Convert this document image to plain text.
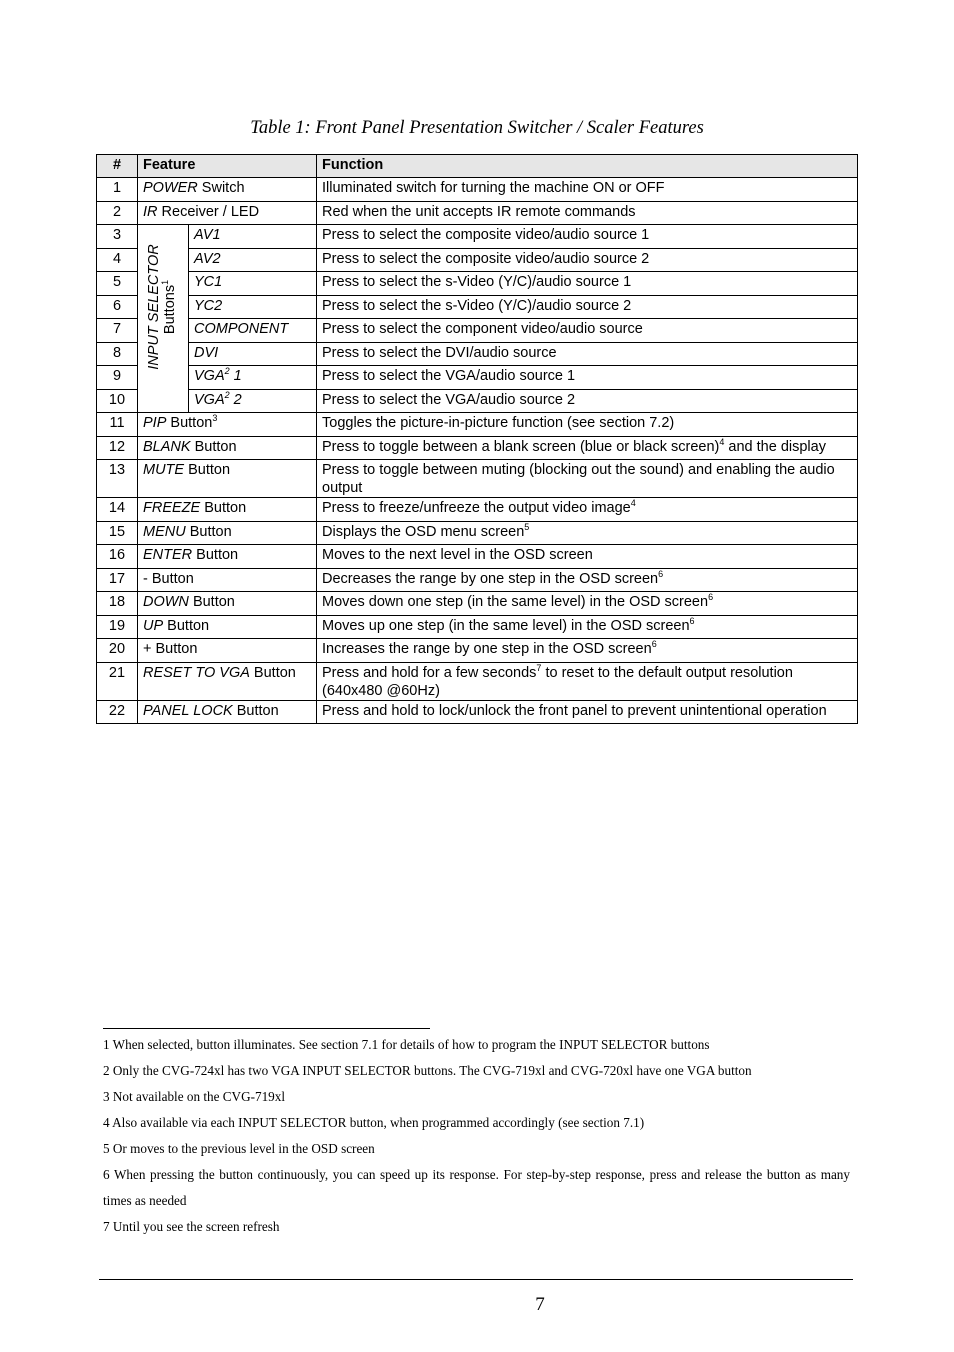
Table 1: Front Panel Presentation Switcher / Scaler Features
#	Feature		Function
1	POWER Switch		Illuminated switch for turning the machine ON or OFF
2	IR Receiver / LED		Red when the unit accepts IR remote commands
3	INPUT SELECTOR Buttons$^1$	AV1	Press to select the composite video/audio source 1
4		AV2	Press to select the composite video/audio source 2
5		YC1	Press to select the s-Video (Y/C)/audio source 1
6		YC2	Press to select the s-Video (Y/C)/audio source 2
7		COMPONENT	Press to select the component video/audio source
8		DVI	Press to select the DVI/audio source
9		VGA$^2$ 1	Press to select the VGA/audio source 1
10		VGA$^2$ 2	Press to select the VGA/audio source 2
11	PIP Button$^3$		Toggles the picture-in-picture function (see section 7.2)
12	BLANK Button		Press to toggle between a blank screen (blue or black screen)$^4$ and the display
13	MUTE Button		Press to toggle between muting (blocking out the sound) and enabling the audio output
14	FREEZE Button		Press to freeze/unfreeze the output video image$^4$
15	MENU Button		Displays the OSD menu screen$^5$
16	ENTER Button		Moves to the next level in the OSD screen
17	- Button		Decreases the range by one step in the OSD screen$^6$
18	DOWN Button		Moves down one step (in the same level) in the OSD screen$^6$
19	UP Button		Moves up one step (in the same level) in the OSD screen$^6$
20	+ Button		Increases the range by one step in the OSD screen$^6$
21	RESET TO VGA Button		Press and hold for a few seconds$^7$ to reset to the default output resolution (640x480 @60Hz)
22	PANEL LOCK Button		Press and hold to lock/unlock the front panel to prevent unintentional operation
1 When selected, button illuminates. See section 7.1 for details of how to program the INPUT SELECTOR buttons
2 Only the CVG-724xl has two VGA INPUT SELECTOR buttons. The CVG-719xl and CVG-720xl have one VGA button
3 Not available on the CVG-719xl
4 Also available via each INPUT SELECTOR button, when programmed accordingly (see section 7.1)
5 Or moves to the previous level in the OSD screen
6 When pressing the button continuously, you can speed up its response. For step-by-step response, press and release the button as many times as needed
7 Until you see the screen refresh
7
